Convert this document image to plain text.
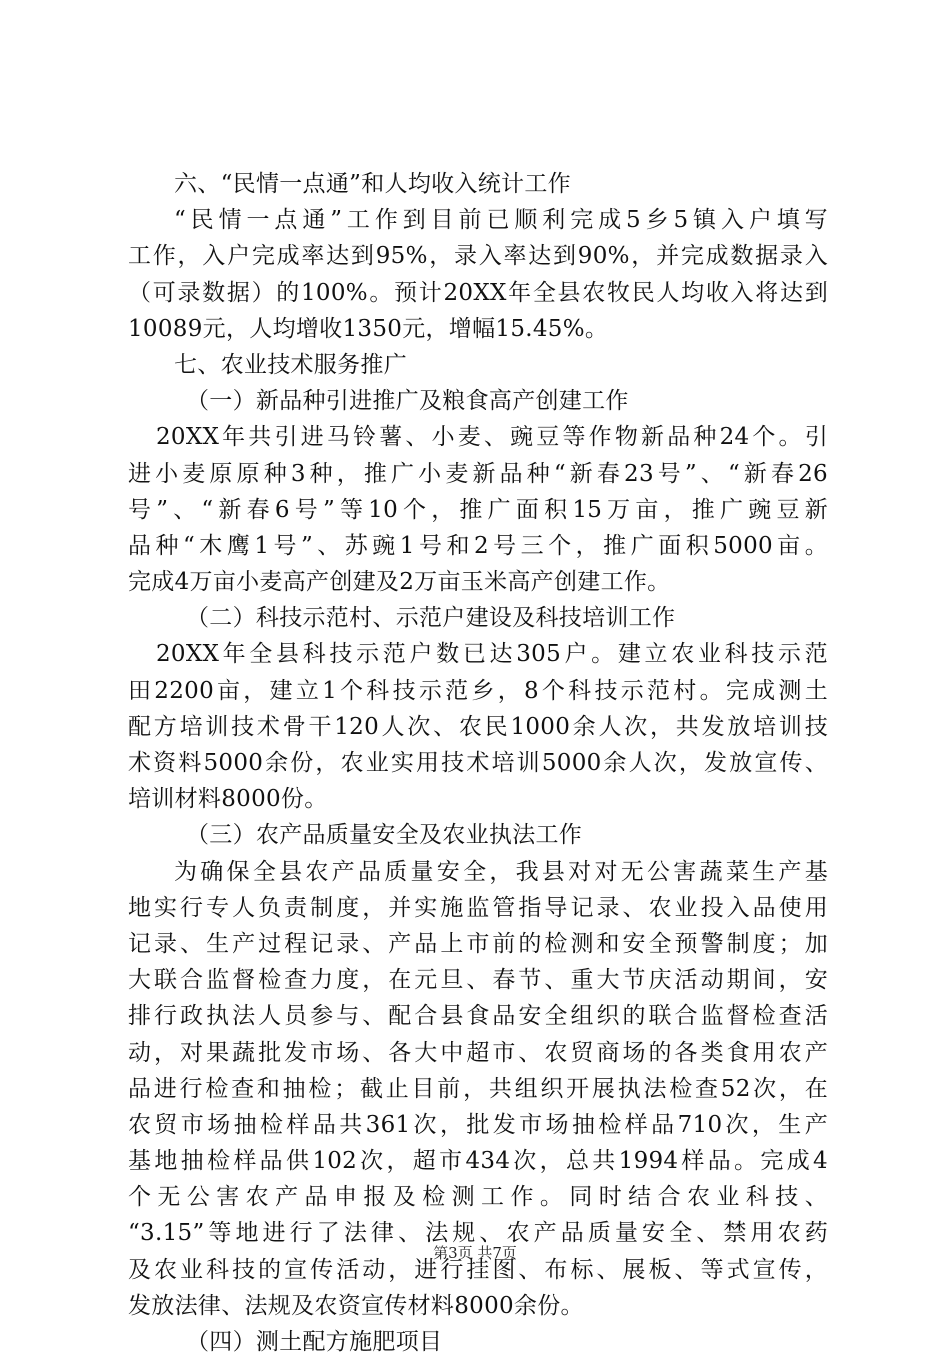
六、“民情一点通”和人均收入统计工作
“民情一点通”工作到目前已顺利完成5乡5镇入户填写
工作，入户完成率达到95%，录入率达到90%，并完成数据录入
（可录数据）的100%。预计20XX年全县农牧民人均收入将达到
10089元，人均增收1350元，增幅15.45%。
七、农业技术服务推广
（一）新品种引进推广及粮食高产创建工作
20XX年共引进马铃薯、小麦、豌豆等作物新品种24个。引
进小麦原原种3种，推广小麦新品种“新春23号”、“新春26
号”、“新春6号”等10个，推广面积15万亩，推广豌豆新
品种“木鹰1号”、苏豌1号和2号三个，推广面积5000亩。
完成4万亩小麦高产创建及2万亩玉米高产创建工作。
（二）科技示范村、示范户建设及科技培训工作
20XX年全县科技示范户数已达305户。建立农业科技示范
田2200亩，建立1个科技示范乡，8个科技示范村。完成测土
配方培训技术骨干120人次、农民1000余人次，共发放培训技
术资料5000余份，农业实用技术培训5000余人次，发放宣传、
培训材料8000份。
（三）农产品质量安全及农业执法工作
为确保全县农产品质量安全，我县对对无公害蔬菜生产基
地实行专人负责制度，并实施监管指导记录、农业投入品使用
记录、生产过程记录、产品上市前的检测和安全预警制度；加
大联合监督检查力度，在元旦、春节、重大节庆活动期间，安
排行政执法人员参与、配合县食品安全组织的联合监督检查活
动，对果蔬批发市场、各大中超市、农贸商场的各类食用农产
品进行检查和抽检；截止目前，共组织开展执法检查52次，在
农贸市场抽检样品共361次，批发市场抽检样品710次，生产
基地抽检样品供102次，超市434次，总共1994样品。完成4
个无公害农产品申报及检测工作。同时结合农业科技、
“3.15”等地进行了法律、法规、农产品质量安全、禁用农药
及农业科技的宣传活动，进行挂图、布标、展板、等式宣传，
发放法律、法规及农资宣传材料8000余份。
（四）测土配方施肥项目
第3页 共7页
